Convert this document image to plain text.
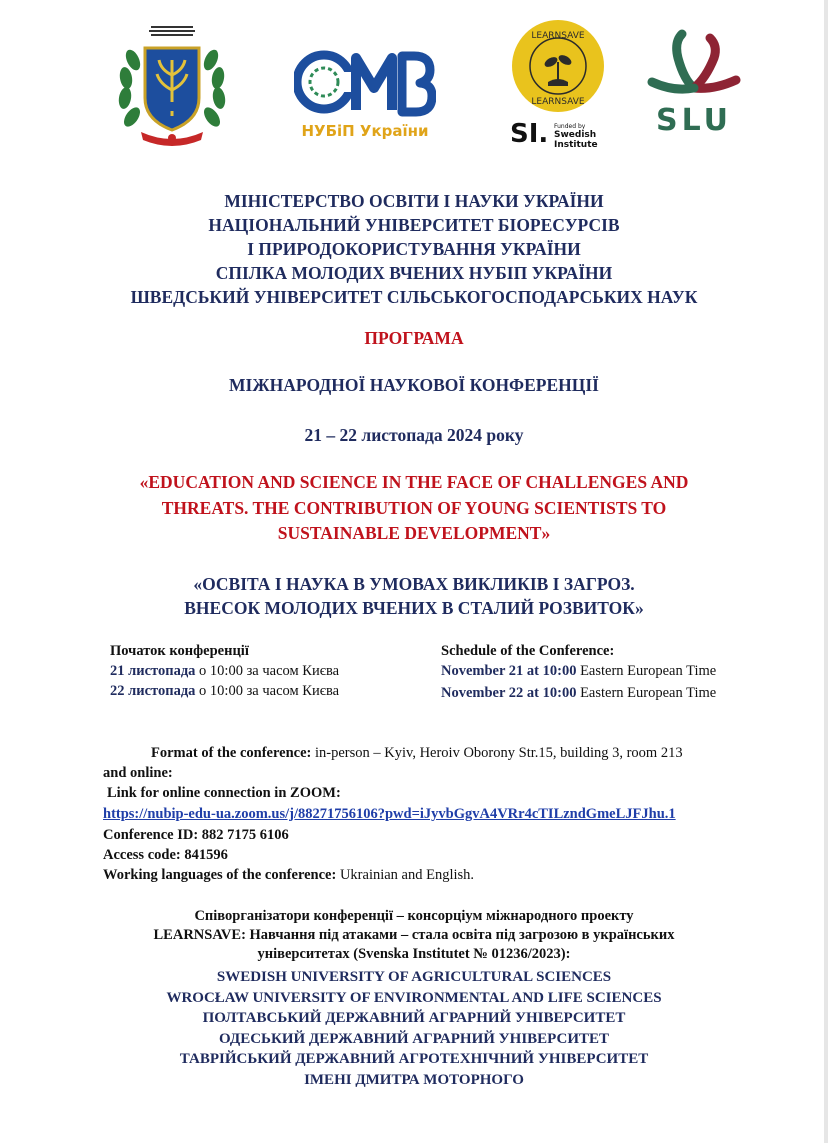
НУБіП України
LEARNSAVE
LEARNSAVE
SI. Funded by
Swedish
Institute
SLU
МІНІСТЕРСТВО ОСВІТИ І НАУКИ УКРАЇНИ
НАЦІОНАЛЬНИЙ УНІВЕРСИТЕТ БІОРЕСУРСІВ
І ПРИРОДОКОРИСТУВАННЯ УКРАЇНИ
СПІЛКА МОЛОДИХ ВЧЕНИХ НУБІП УКРАЇНИ
ШВЕДСЬКИЙ УНІВЕРСИТЕТ СІЛЬСЬКОГОСПОДАРСЬКИХ НАУК
ПРОГРАМА
МІЖНАРОДНОЇ НАУКОВОЇ КОНФЕРЕНЦІЇ
21 – 22 листопада 2024 року
«EDUCATION AND SCIENCE IN THE FACE OF CHALLENGES AND
THREATS. THE CONTRIBUTION OF YOUNG SCIENTISTS TO
SUSTAINABLE DEVELOPMENT»
«ОСВІТА І НАУКА В УМОВАХ ВИКЛИКІВ І ЗАГРОЗ.
ВНЕСОК МОЛОДИХ ВЧЕНИХ В СТАЛИЙ РОЗВИТОК»
Початок конференції
21 листопада о 10:00 за часом Києва
22 листопада о 10:00 за часом Києва
Schedule of the Conference:
November 21 at 10:00 Eastern European Time
November 22 at 10:00 Eastern European Time
Format of the conference: in-person – Kyiv, Heroiv Oborony Str.15, building 3, room 213
and online:
Link for online connection in ZOOM:
https://nubip-edu-ua.zoom.us/j/88271756106?pwd=iJyvbGgvA4VRr4cTILzndGmeLJFJhu.1
Conference ID: 882 7175 6106
Access code: 841596
Working languages of the conference: Ukrainian and English.
Співорганізатори конференції – консорціум міжнародного проекту
LEARNSAVE: Навчання під атаками – стала освіта під загрозою в українських
університетах (Svenska Institutet № 01236/2023):
SWEDISH UNIVERSITY OF AGRICULTURAL SCIENCES
WROCŁAW UNIVERSITY OF ENVIRONMENTAL AND LIFE SCIENCES
ПОЛТАВСЬКИЙ ДЕРЖАВНИЙ АГРАРНИЙ УНІВЕРСИТЕТ
ОДЕСЬКИЙ ДЕРЖАВНИЙ АГРАРНИЙ УНІВЕРСИТЕТ
ТАВРІЙСЬКИЙ ДЕРЖАВНИЙ АГРОТЕХНІЧНИЙ УНІВЕРСИТЕТ
ІМЕНІ ДМИТРА МОТОРНОГО
